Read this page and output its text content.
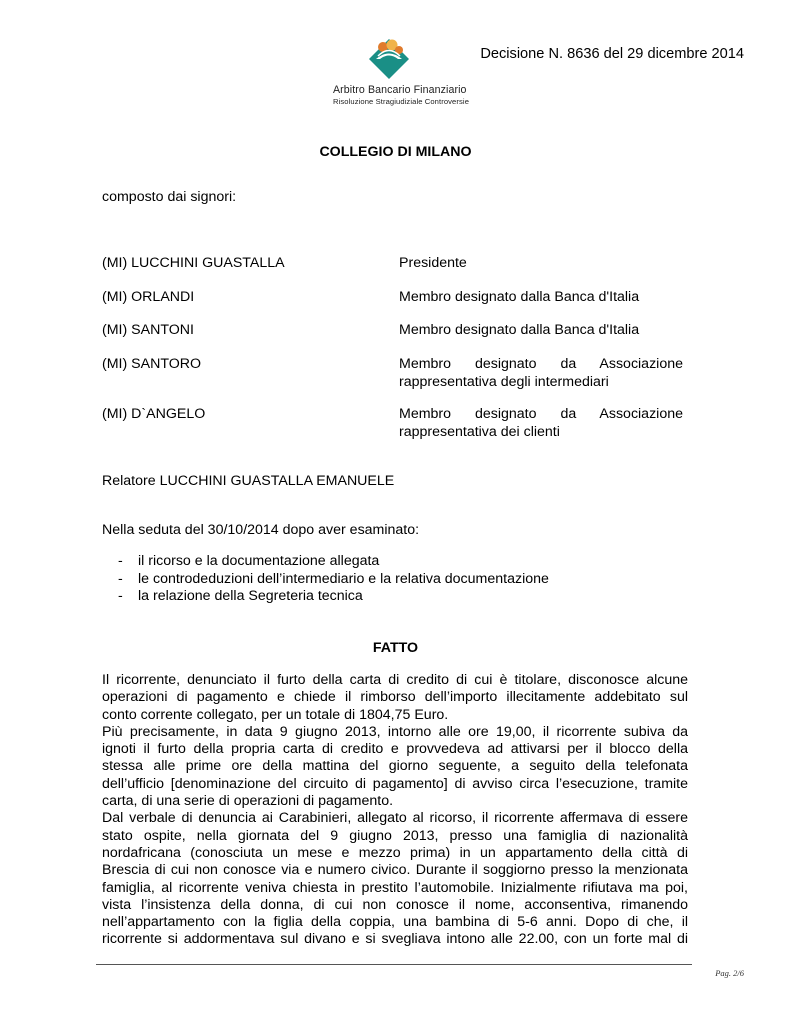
Arbitro Bancario Finanziario
Risoluzione Stragiudiziale Controversie
Decisione N. 8636 del 29 dicembre 2014
COLLEGIO DI MILANO
composto dai signori:
(MI) LUCCHINI GUASTALLA	Presidente
(MI) ORLANDI	Membro designato dalla Banca d'Italia
(MI) SANTONI	Membro designato dalla Banca d'Italia
(MI) SANTORO	Membro designato da Associazione
rappresentativa degli intermediari
(MI) D`ANGELO	Membro designato da Associazione
rappresentativa dei clienti
Relatore LUCCHINI GUASTALLA EMANUELE
Nella seduta del 30/10/2014 dopo aver esaminato:
- il ricorso e la documentazione allegata
- le controdeduzioni dell’intermediario e la relativa documentazione
- la relazione della Segreteria tecnica
FATTO
Il ricorrente, denunciato il furto della carta di credito di cui è titolare, disconosce alcune
operazioni di pagamento e chiede il rimborso dell’importo illecitamente addebitato sul
conto corrente collegato, per un totale di 1804,75 Euro.
Più precisamente, in data 9 giugno 2013, intorno alle ore 19,00, il ricorrente subiva da
ignoti il furto della propria carta di credito e provvedeva ad attivarsi per il blocco della
stessa alle prime ore della mattina del giorno seguente, a seguito della telefonata
dell’ufficio [denominazione del circuito di pagamento] di avviso circa l’esecuzione, tramite
carta, di una serie di operazioni di pagamento.
Dal verbale di denuncia ai Carabinieri, allegato al ricorso, il ricorrente affermava di essere
stato ospite, nella giornata del 9 giugno 2013, presso una famiglia di nazionalità
nordafricana (conosciuta un mese e mezzo prima) in un appartamento della città di
Brescia di cui non conosce via e numero civico. Durante il soggiorno presso la menzionata
famiglia, al ricorrente veniva chiesta in prestito l’automobile. Inizialmente rifiutava ma poi,
vista l’insistenza della donna, di cui non conosce il nome, acconsentiva, rimanendo
nell’appartamento con la figlia della coppia, una bambina di 5-6 anni. Dopo di che, il
ricorrente si addormentava sul divano e si svegliava intono alle 22.00, con un forte mal di
Pag. 2/6
